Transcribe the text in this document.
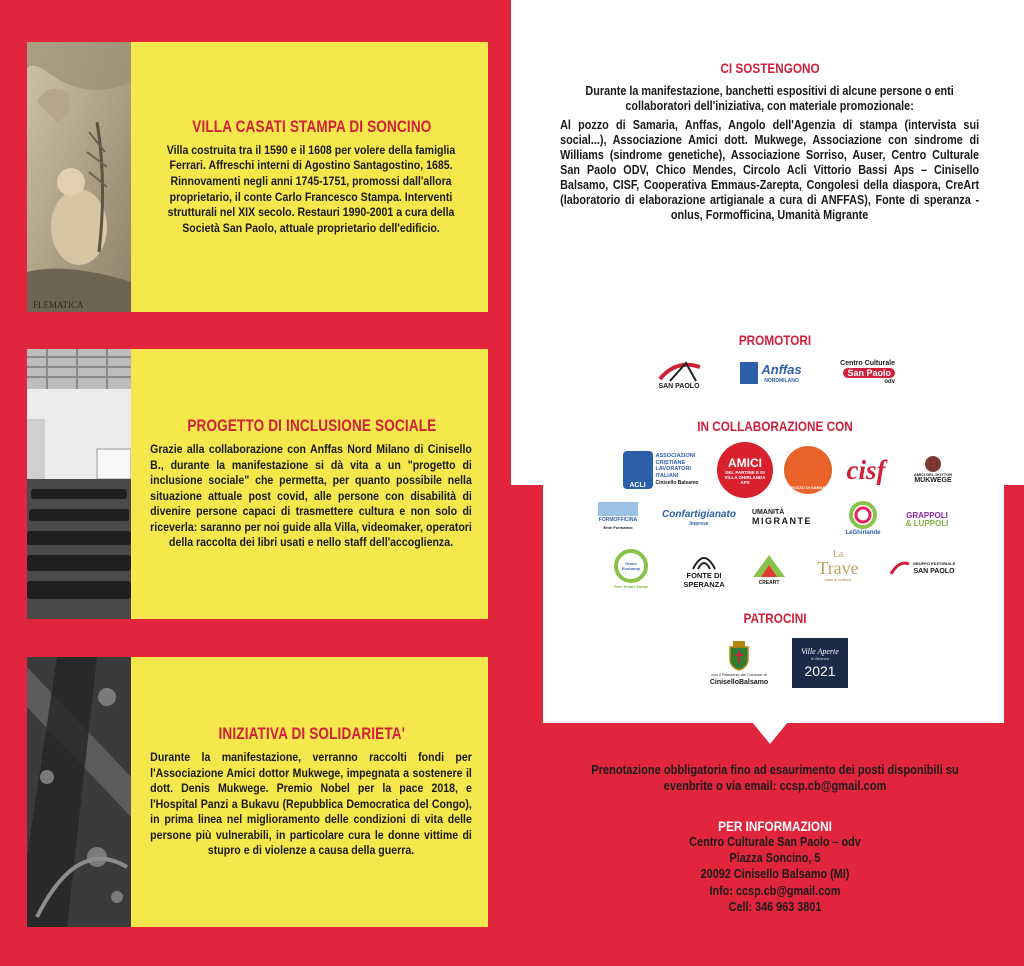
FLEMATICA
VILLA CASATI STAMPA DI SONCINO
Villa costruita tra il 1590 e il 1608 per volere della famiglia Ferrari. Affreschi interni di Agostino Santagostino, 1685. Rinnovamenti negli anni 1745-1751, promossi dall'allora proprietario, il conte Carlo Francesco Stampa. Interventi strutturali nel XIX secolo. Restauri 1990-2001 a cura della Società San Paolo, attuale proprietario dell'edificio.
PROGETTO DI INCLUSIONE SOCIALE
Grazie alla collaborazione con Anffas Nord Milano di Cinisello B., durante la manifestazione si dà vita a un "progetto di inclusione sociale" che permetta, per quanto possibile nella situazione attuale post covid, alle persone con disabilità di divenire persone capaci di trasmettere cultura e non solo di riceverla: saranno per noi guide alla Villa, videomaker, operatori della raccolta dei libri usati e nello staff dell'accoglienza.
INIZIATIVA DI SOLIDARIETA'
Durante la manifestazione, verranno raccolti fondi per l'Associazione Amici dottor Mukwege, impegnata a sostenere il dott. Denis Mukwege. Premio Nobel per la pace 2018, e l'Hospital Panzi a Bukavu (Repubblica Democratica del Congo), in prima linea nel miglioramento delle condizioni di vita delle persone più vulnerabili, in particolare cura le donne vittime di stupro e di violenze a causa della guerra.
CI SOSTENGONO
Durante la manifestazione, banchetti espositivi di alcune persone o enti collaboratori dell'iniziativa, con materiale promozionale:
Al pozzo di Samaria, Anffas, Angolo dell'Agenzia di stampa (intervista sui social...), Associazione Amici dott. Mukwege, Associazione con sindrome di Williams (sindrome genetiche), Associazione Sorriso, Auser, Centro Culturale San Paolo ODV, Chico Mendes, Circolo Acli Vittorio Bassi Aps – Cinisello Balsamo, CISF, Cooperativa Emmaus-Zarepta, Congolesi della diaspora, CreArt (laboratorio di elaborazione artigianale a cura di ANFFAS), Fonte di speranza - onlus, Formofficina, Umanità Migrante
PROMOTORI
SAN PAOLO
Anffas
NORDMILANO
Centro Culturale
San Paolo
odv
IN COLLABORAZIONE CON
ACLI
ASSOCIAZIONI CRISTIANE LAVORATORI ITALIANI
Cinisello Balsamo
AMICI
DEL PARTINE E DI VILLA GHIRLANDA APS
IL POZZO DI SAMARIA
cisf	AMICI DEL DOTTOR
MUKWEGE
FORMOFFICINA
Ente Formativo
Confartigianato
Imprese
UMANITÀ
MIGRANTE
LeGhirlande
GRAPPOLI
& LUPPOLI
Green Economy
Fare Smart Social
FONTE DI
SPERANZA	CREART
La
Trave
cibo & cultura
GRUPPO EDITORIALE
SAN PAOLO
PATROCINI
con il Patrocinio del Comune di
CiniselloBalsamo
Ville Aperte
in Brianza
2021
Prenotazione obbligatoria fino ad esaurimento dei posti disponibili su evenbrite o via email: ccsp.cb@gmail.com
PER INFORMAZIONI
Centro Culturale San Paolo – odv
Piazza Soncino, 5
20092 Cinisello Balsamo (MI)
Info: ccsp.cb@gmail.com
Cell: 346 963 3801
